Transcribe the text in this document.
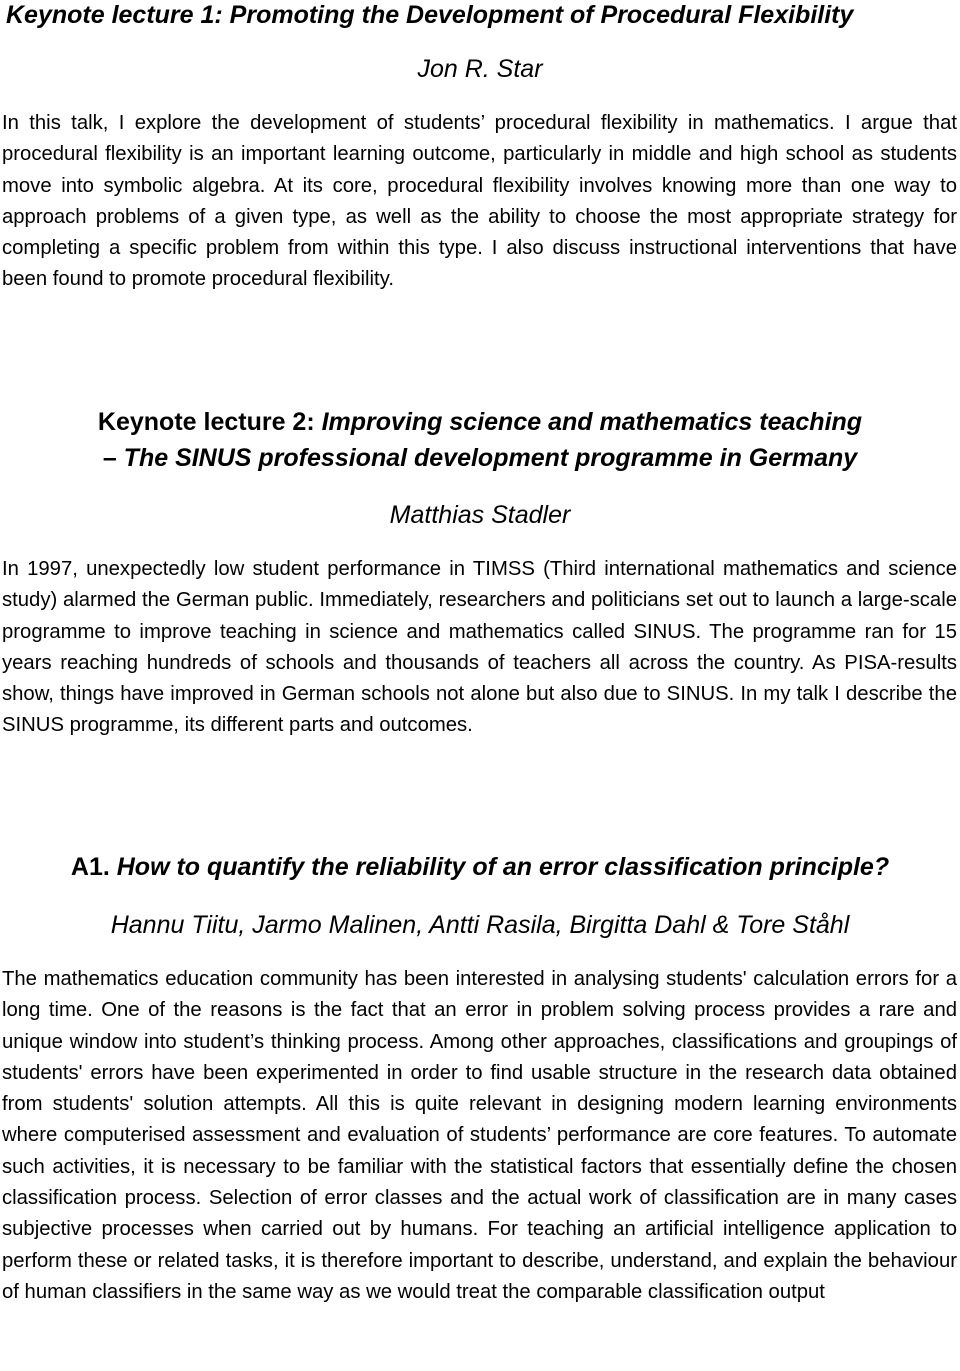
Keynote lecture 1: Promoting the Development of Procedural Flexibility
Jon R. Star

In this talk, I explore the development of students’ procedural flexibility in mathematics. I argue that procedural flexibility is an important learning outcome, particularly in middle and high school as students move into symbolic algebra. At its core, procedural flexibility involves knowing more than one way to approach problems of a given type, as well as the ability to choose the most appropriate strategy for completing a specific problem from within this type. I also discuss instructional interventions that have been found to promote procedural flexibility.

Keynote lecture 2: Improving science and mathematics teaching
– The SINUS professional development programme in Germany
Matthias Stadler

In 1997, unexpectedly low student performance in TIMSS (Third international mathematics and science study) alarmed the German public. Immediately, researchers and politicians set out to launch a large-scale programme to improve teaching in science and mathematics called SINUS. The programme ran for 15 years reaching hundreds of schools and thousands of teachers all across the country. As PISA-results show, things have improved in German schools not alone but also due to SINUS. In my talk I describe the SINUS programme, its different parts and outcomes.

A1. How to quantify the reliability of an error classification principle?
Hannu Tiitu, Jarmo Malinen, Antti Rasila, Birgitta Dahl & Tore Ståhl

The mathematics education community has been interested in analysing students' calculation errors for a long time. One of the reasons is the fact that an error in problem solving process provides a rare and unique window into student’s thinking process. Among other approaches, classifications and groupings of students' errors have been experimented in order to find usable structure in the research data obtained from students' solution attempts. All this is quite relevant in designing modern learning environments where computerised assessment and evaluation of students’ performance are core features. To automate such activities, it is necessary to be familiar with the statistical factors that essentially define the chosen classification process. Selection of error classes and the actual work of classification are in many cases subjective processes when carried out by humans. For teaching an artificial intelligence application to perform these or related tasks, it is therefore important to describe, understand, and explain the behaviour of human classifiers in the same way as we would treat the comparable classification output
